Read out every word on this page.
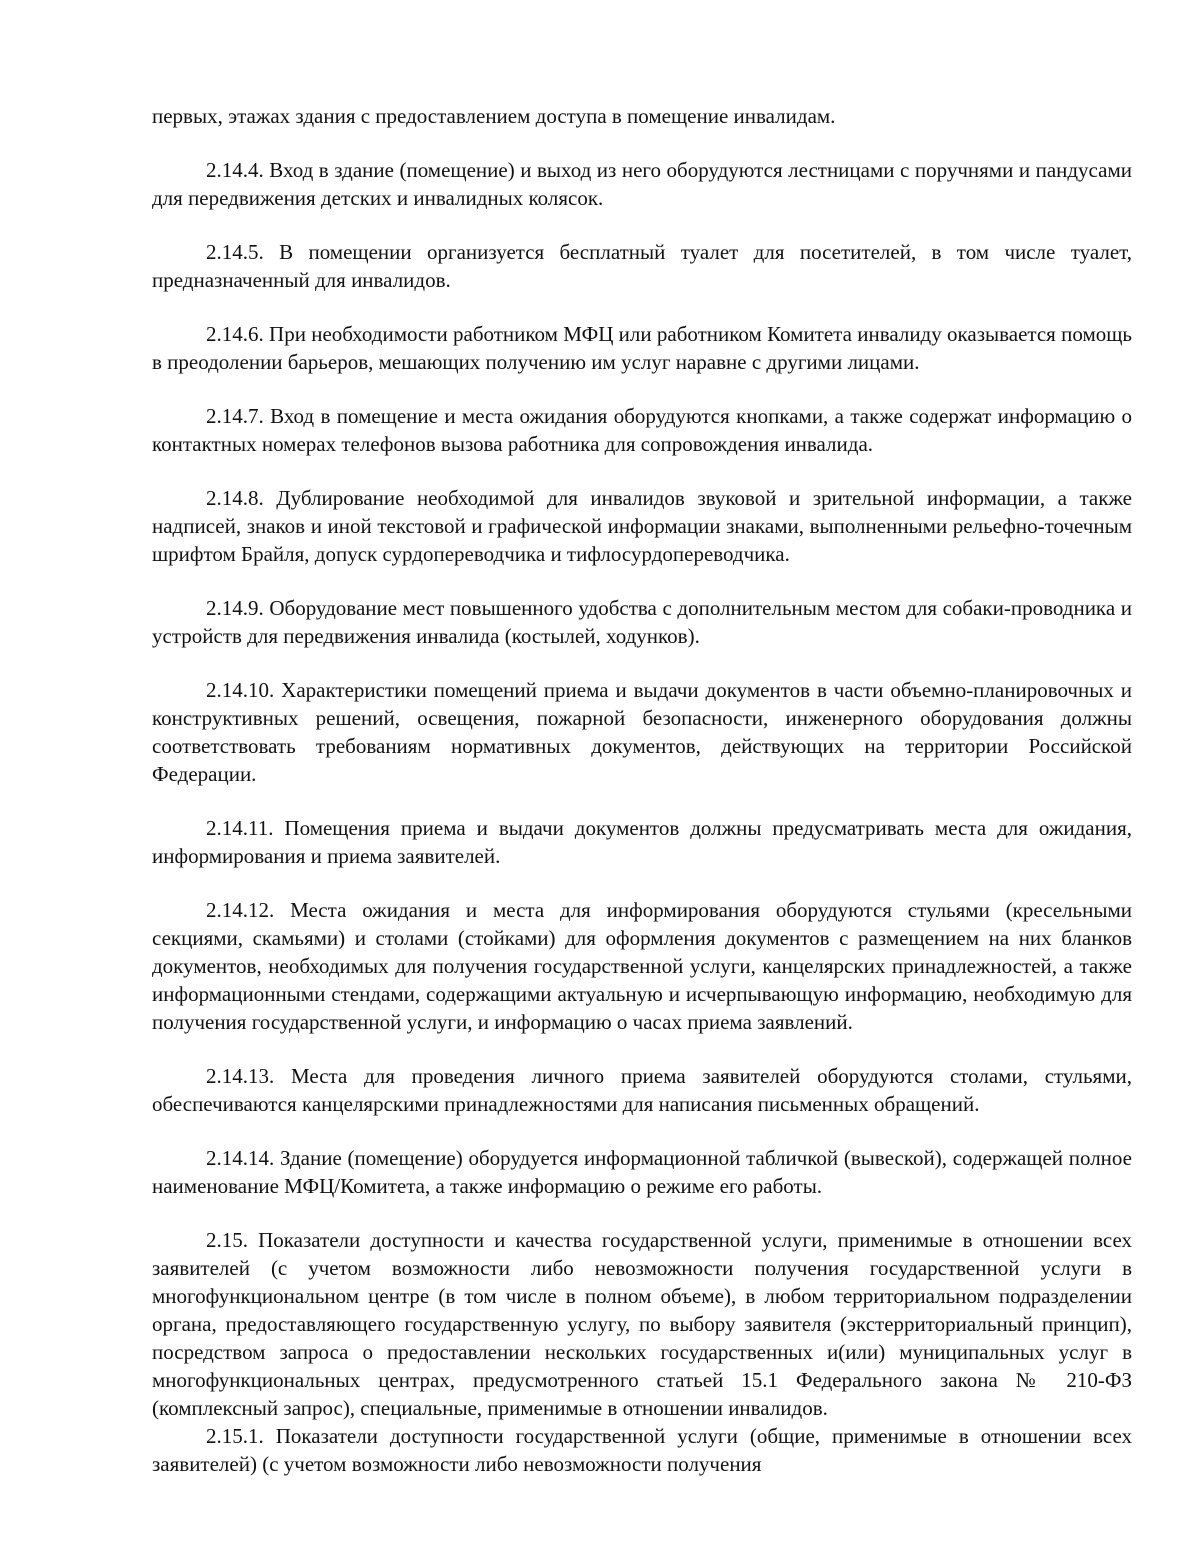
первых, этажах здания с предоставлением доступа в помещение инвалидам.

2.14.4. Вход в здание (помещение) и выход из него оборудуются лестницами с поручнями и пандусами для передвижения детских и инвалидных колясок.

2.14.5. В помещении организуется бесплатный туалет для посетителей, в том числе туалет, предназначенный для инвалидов.

2.14.6. При необходимости работником МФЦ или работником Комитета инвалиду оказывается помощь в преодолении барьеров, мешающих получению им услуг наравне с другими лицами.

2.14.7. Вход в помещение и места ожидания оборудуются кнопками, а также содержат информацию о контактных номерах телефонов вызова работника для сопровождения инвалида.

2.14.8. Дублирование необходимой для инвалидов звуковой и зрительной информации, а также надписей, знаков и иной текстовой и графической информации знаками, выполненными рельефно-точечным шрифтом Брайля, допуск сурдопереводчика и тифлосурдопереводчика.

2.14.9. Оборудование мест повышенного удобства с дополнительным местом для собаки-проводника и устройств для передвижения инвалида (костылей, ходунков).

2.14.10. Характеристики помещений приема и выдачи документов в части объемно-планировочных и конструктивных решений, освещения, пожарной безопасности, инженерного оборудования должны соответствовать требованиям нормативных документов, действующих на территории Российской Федерации.

2.14.11. Помещения приема и выдачи документов должны предусматривать места для ожидания, информирования и приема заявителей.

2.14.12. Места ожидания и места для информирования оборудуются стульями (кресельными секциями, скамьями) и столами (стойками) для оформления документов с размещением на них бланков документов, необходимых для получения государственной услуги, канцелярских принадлежностей, а также информационными стендами, содержащими актуальную и исчерпывающую информацию, необходимую для получения государственной услуги, и информацию о часах приема заявлений.

2.14.13. Места для проведения личного приема заявителей оборудуются столами, стульями, обеспечиваются канцелярскими принадлежностями для написания письменных обращений.

2.14.14. Здание (помещение) оборудуется информационной табличкой (вывеской), содержащей полное наименование МФЦ/Комитета, а также информацию о режиме его работы.

2.15. Показатели доступности и качества государственной услуги, применимые в отношении всех заявителей (с учетом возможности либо невозможности получения государственной услуги в многофункциональном центре (в том числе в полном объеме), в любом территориальном подразделении органа, предоставляющего государственную услугу, по выбору заявителя (экстерриториальный принцип), посредством запроса о предоставлении нескольких государственных и(или) муниципальных услуг в многофункциональных центрах, предусмотренного статьей 15.1 Федерального закона № 210-ФЗ (комплексный запрос), специальные, применимые в отношении инвалидов.

2.15.1. Показатели доступности государственной услуги (общие, применимые в отношении всех заявителей) (с учетом возможности либо невозможности получения
